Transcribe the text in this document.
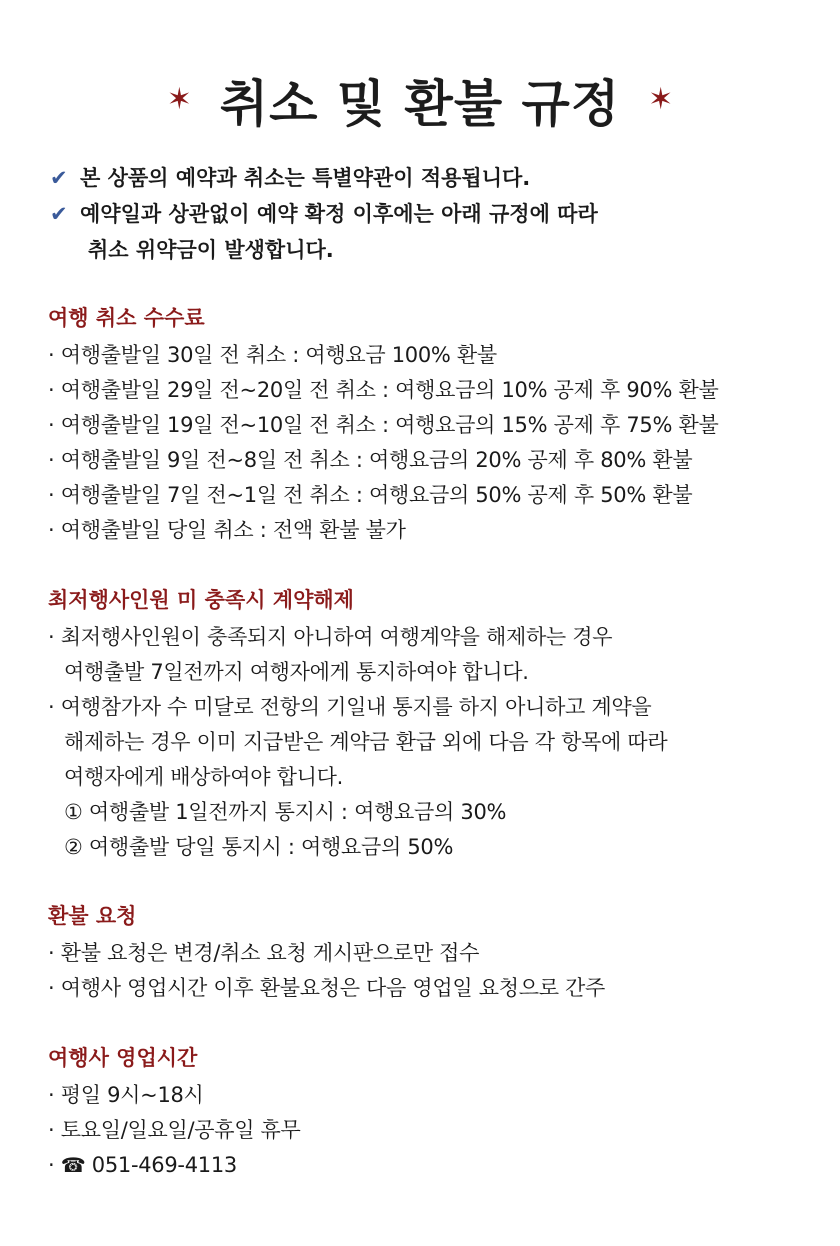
✶ 취소 및 환불 규정 ✶
✔ 본 상품의 예약과 취소는 특별약관이 적용됩니다.
✔ 예약일과 상관없이 예약 확정 이후에는 아래 규정에 따라
취소 위약금이 발생합니다.
여행 취소 수수료
· 여행출발일 30일 전 취소 : 여행요금 100% 환불
· 여행출발일 29일 전~20일 전 취소 : 여행요금의 10% 공제 후 90% 환불
· 여행출발일 19일 전~10일 전 취소 : 여행요금의 15% 공제 후 75% 환불
· 여행출발일 9일 전~8일 전 취소 : 여행요금의 20% 공제 후 80% 환불
· 여행출발일 7일 전~1일 전 취소 : 여행요금의 50% 공제 후 50% 환불
· 여행출발일 당일 취소 : 전액 환불 불가
최저행사인원 미 충족시 계약해제
· 최저행사인원이 충족되지 아니하여 여행계약을 해제하는 경우
여행출발 7일전까지 여행자에게 통지하여야 합니다.
· 여행참가자 수 미달로 전항의 기일내 통지를 하지 아니하고 계약을
해제하는 경우 이미 지급받은 계약금 환급 외에 다음 각 항목에 따라
여행자에게 배상하여야 합니다.
① 여행출발 1일전까지 통지시 : 여행요금의 30%
② 여행출발 당일 통지시 : 여행요금의 50%
환불 요청
· 환불 요청은 변경/취소 요청 게시판으로만 접수
· 여행사 영업시간 이후 환불요청은 다음 영업일 요청으로 간주
여행사 영업시간
· 평일 9시~18시
· 토요일/일요일/공휴일 휴무
· ☎ 051-469-4113
